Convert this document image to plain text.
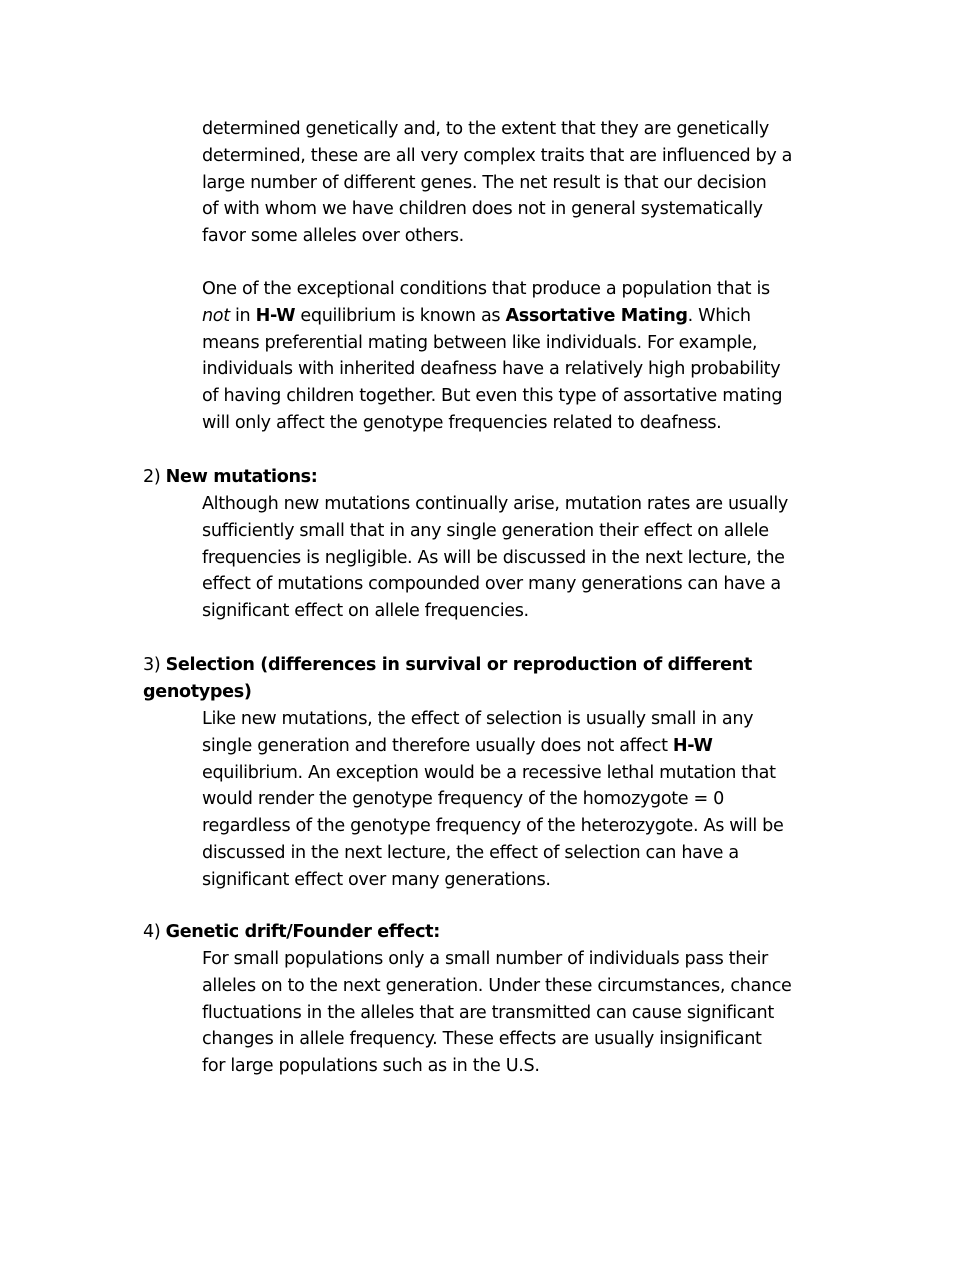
determined genetically and, to the extent that they are genetically
determined, these are all very complex traits that are influenced by a
large number of different genes. The net result is that our decision
of with whom we have children does not in general systematically
favor some alleles over others.

One of the exceptional conditions that produce a population that is
not in H-W equilibrium is known as Assortative Mating. Which
means preferential mating between like individuals. For example,
individuals with inherited deafness have a relatively high probability
of having children together. But even this type of assortative mating
will only affect the genotype frequencies related to deafness.

2) New mutations:

Although new mutations continually arise, mutation rates are usually
sufficiently small that in any single generation their effect on allele
frequencies is negligible. As will be discussed in the next lecture, the
effect of mutations compounded over many generations can have a
significant effect on allele frequencies.

3) Selection (differences in survival or reproduction of different
genotypes)

Like new mutations, the effect of selection is usually small in any
single generation and therefore usually does not affect H-W
equilibrium. An exception would be a recessive lethal mutation that
would render the genotype frequency of the homozygote = 0
regardless of the genotype frequency of the heterozygote. As will be
discussed in the next lecture, the effect of selection can have a
significant effect over many generations.

4) Genetic drift/Founder effect:

For small populations only a small number of individuals pass their
alleles on to the next generation. Under these circumstances, chance
fluctuations in the alleles that are transmitted can cause significant
changes in allele frequency. These effects are usually insignificant
for large populations such as in the U.S.
